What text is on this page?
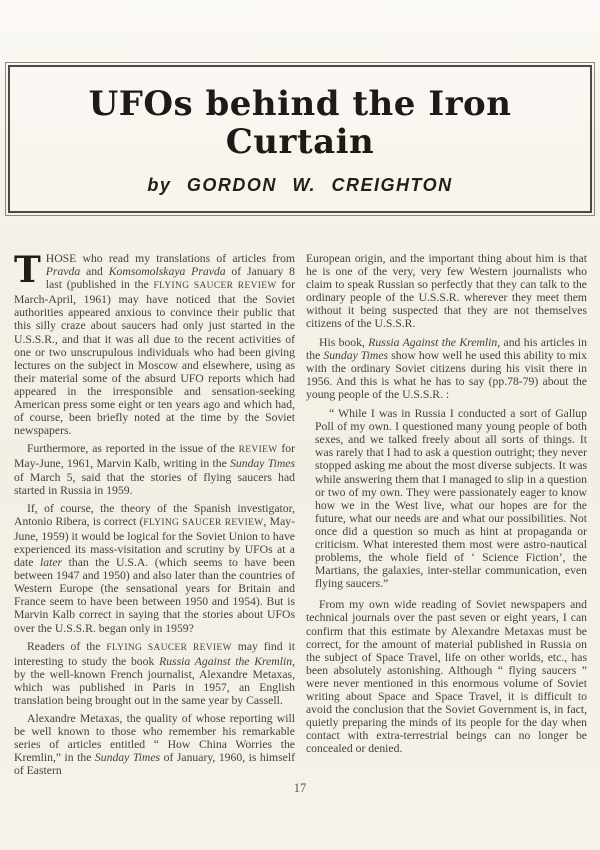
UFOs behind the Iron Curtain
by GORDON W. CREIGHTON

THOSE who read my translations of articles from Pravda and Komsomolskaya Pravda of January 8 last (published in the FLYING SAUCER REVIEW for March-April, 1961) may have noticed that the Soviet authorities appeared anxious to convince their public that this silly craze about saucers had only just started in the U.S.S.R., and that it was all due to the recent activities of one or two unscrupulous individuals who had been giving lectures on the subject in Moscow and elsewhere, using as their material some of the absurd UFO reports which had appeared in the irresponsible and sensation-seeking American press some eight or ten years ago and which had, of course, been briefly noted at the time by the Soviet newspapers.

Furthermore, as reported in the issue of the REVIEW for May-June, 1961, Marvin Kalb, writing in the Sunday Times of March 5, said that the stories of flying saucers had started in Russia in 1959.

If, of course, the theory of the Spanish investigator, Antonio Ribera, is correct (FLYING SAUCER REVIEW, May-June, 1959) it would be logical for the Soviet Union to have experienced its mass-visitation and scrutiny by UFOs at a date later than the U.S.A. (which seems to have been between 1947 and 1950) and also later than the countries of Western Europe (the sensational years for Britain and France seem to have been between 1950 and 1954). But is Marvin Kalb correct in saying that the stories about UFOs over the U.S.S.R. began only in 1959?

Readers of the FLYING SAUCER REVIEW may find it interesting to study the book Russia Against the Kremlin, by the well-known French journalist, Alexandre Metaxas, which was published in Paris in 1957, an English translation being brought out in the same year by Cassell.

Alexandre Metaxas, the quality of whose reporting will be well known to those who remember his remarkable series of articles entitled “ How China Worries the Kremlin,” in the Sunday Times of January, 1960, is himself of Eastern

European origin, and the important thing about him is that he is one of the very, very few Western journalists who claim to speak Russian so perfectly that they can talk to the ordinary people of the U.S.S.R. wherever they meet them without it being suspected that they are not themselves citizens of the U.S.S.R.

His book, Russia Against the Kremlin, and his articles in the Sunday Times show how well he used this ability to mix with the ordinary Soviet citizens during his visit there in 1956. And this is what he has to say (pp.78-79) about the young people of the U.S.S.R. :

“ While I was in Russia I conducted a sort of Gallup Poll of my own. I questioned many young people of both sexes, and we talked freely about all sorts of things. It was rarely that I had to ask a question outright; they never stopped asking me about the most diverse subjects. It was while answering them that I managed to slip in a question or two of my own. They were passionately eager to know how we in the West live, what our hopes are for the future, what our needs are and what our possibilities. Not once did a question so much as hint at propaganda or criticism. What interested them most were astro-nautical problems, the whole field of ‘ Science Fiction’, the Martians, the galaxies, inter-stellar communication, even flying saucers.”

From my own wide reading of Soviet newspapers and technical journals over the past seven or eight years, I can confirm that this estimate by Alexandre Metaxas must be correct, for the amount of material published in Russia on the subject of Space Travel, life on other worlds, etc., has been absolutely astonishing. Although “ flying saucers ” were never mentioned in this enormous volume of Soviet writing about Space and Space Travel, it is difficult to avoid the conclusion that the Soviet Government is, in fact, quietly preparing the minds of its people for the day when contact with extra-terrestrial beings can no longer be concealed or denied.

17
